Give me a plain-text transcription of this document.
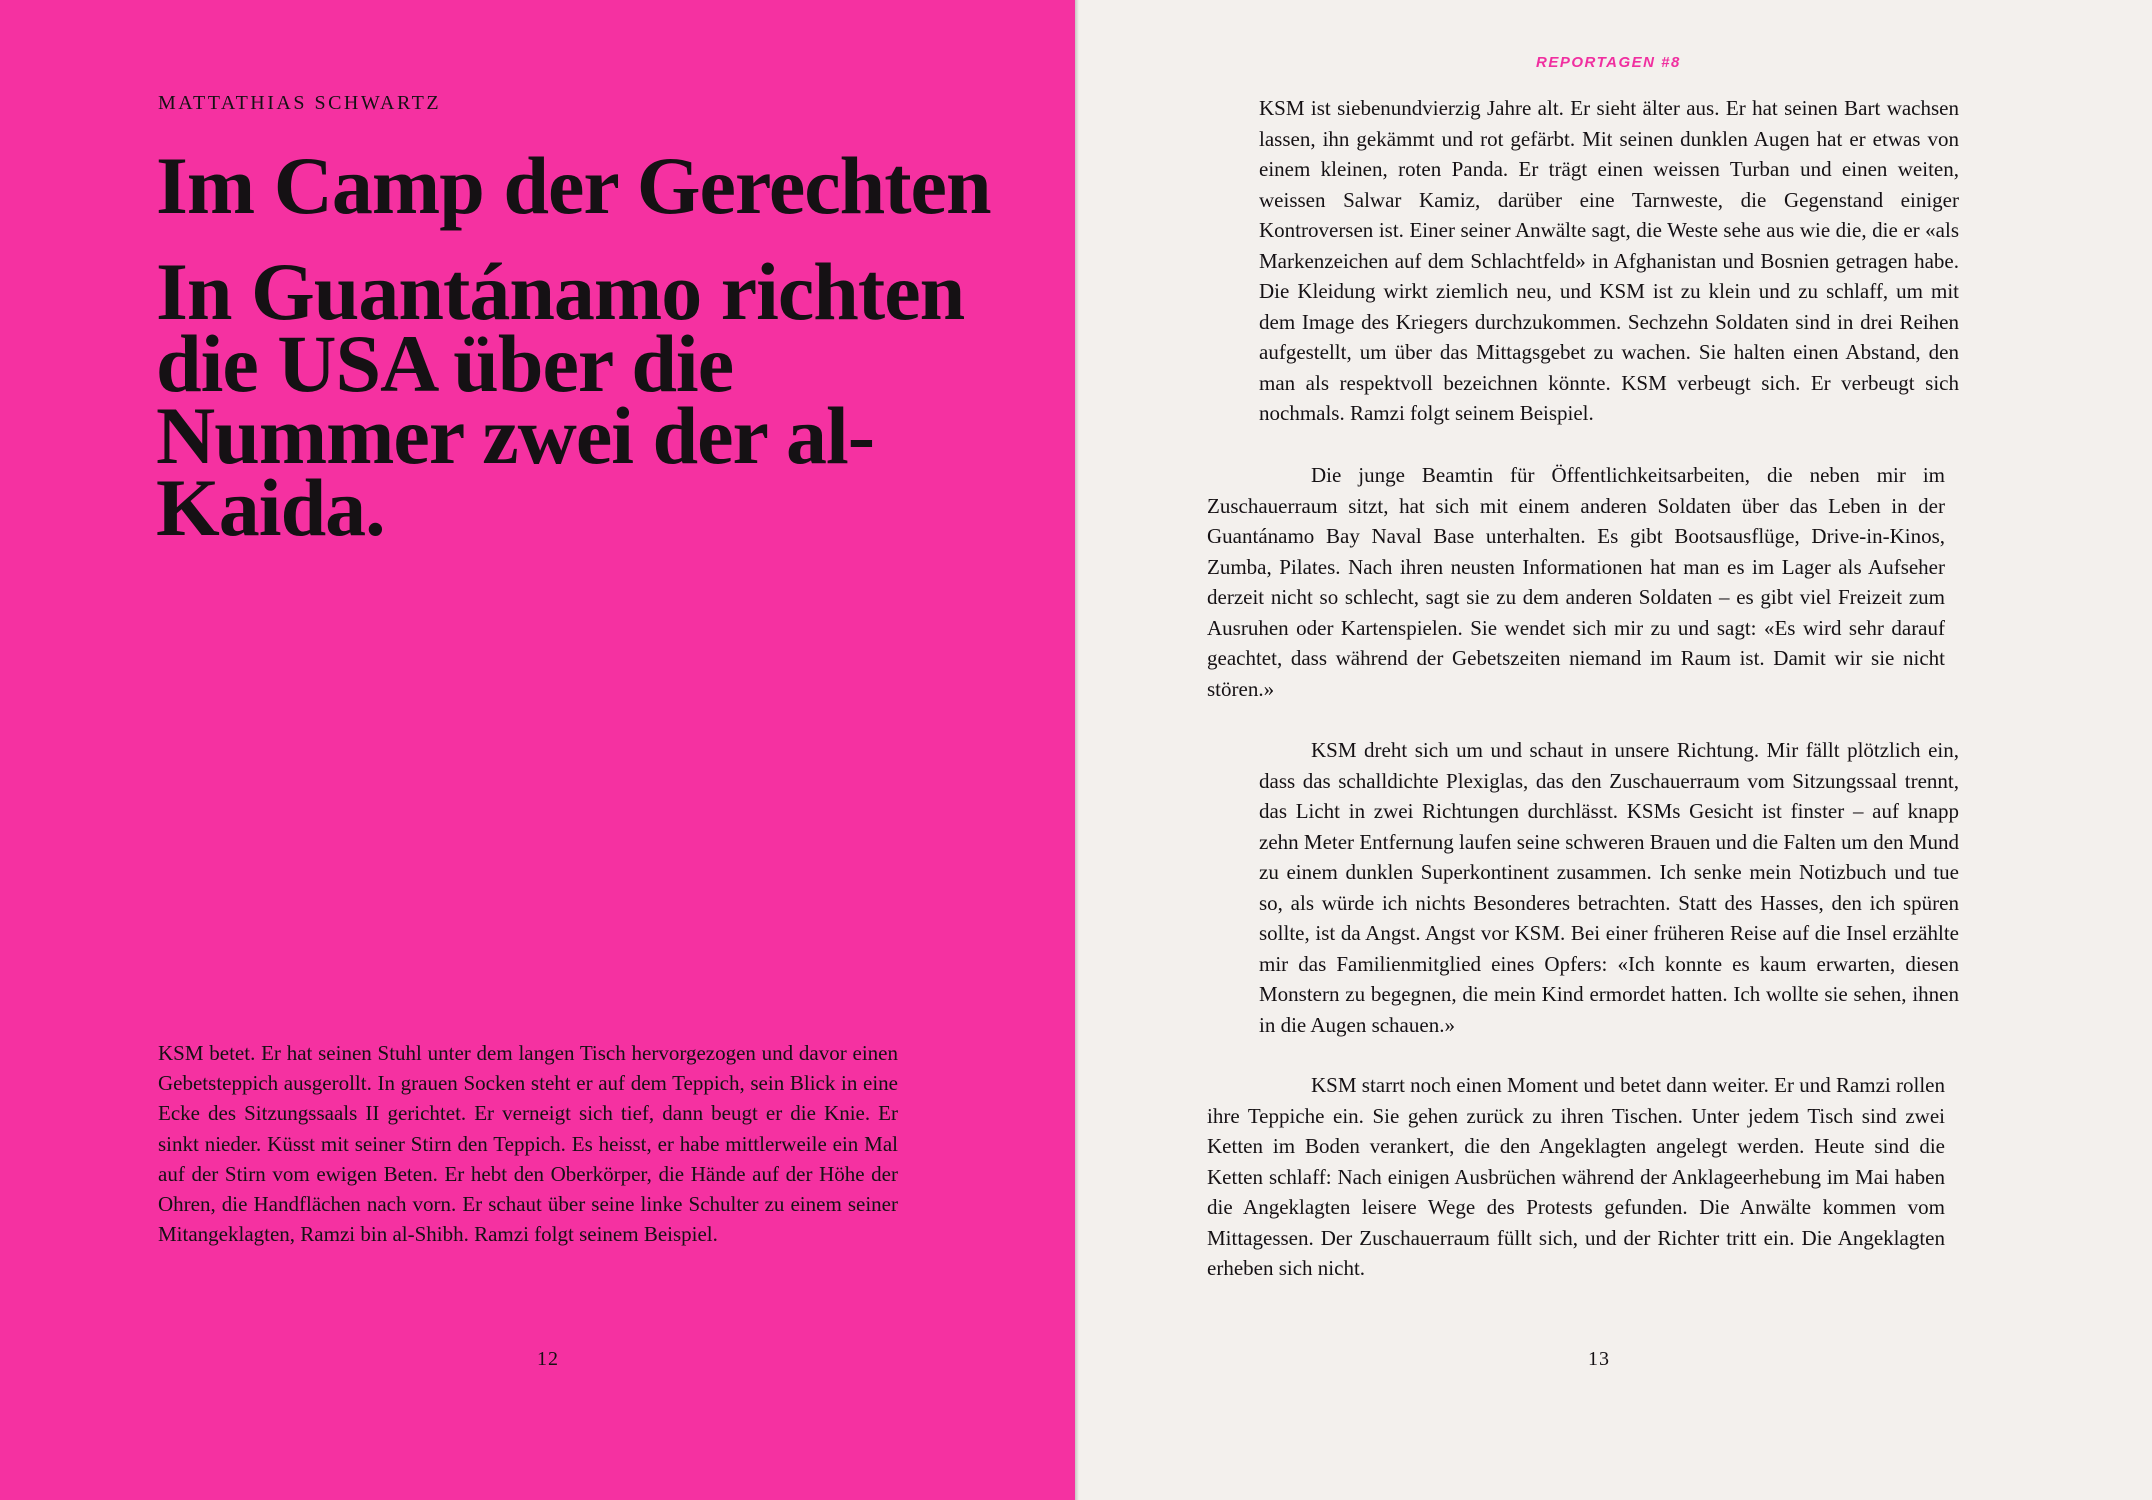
MATTATHIAS SCHWARTZ

Im Camp der Gerechten
In Guantánamo richten die USA über die Nummer zwei der al-Kaida.

KSM betet. Er hat seinen Stuhl unter dem langen Tisch hervorgezogen und davor einen Gebetsteppich ausgerollt. In grauen Socken steht er auf dem Teppich, sein Blick in eine Ecke des Sitzungssaals II gerichtet. Er verneigt sich tief, dann beugt er die Knie. Er sinkt nieder. Küsst mit seiner Stirn den Teppich. Es heisst, er habe mittlerweile ein Mal auf der Stirn vom ewigen Beten. Er hebt den Oberkörper, die Hände auf der Höhe der Ohren, die Handflächen nach vorn. Er schaut über seine linke Schulter zu einem seiner Mitangeklagten, Ramzi bin al-Shibh. Ramzi folgt seinem Beispiel.

12

REPORTAGEN #8

KSM ist siebenundvierzig Jahre alt. Er sieht älter aus. Er hat seinen Bart wachsen lassen, ihn gekämmt und rot gefärbt. Mit seinen dunklen Augen hat er etwas von einem kleinen, roten Panda. Er trägt einen weissen Turban und einen weiten, weissen Salwar Kamiz, darüber eine Tarnweste, die Gegenstand einiger Kontroversen ist. Einer seiner Anwälte sagt, die Weste sehe aus wie die, die er «als Markenzeichen auf dem Schlachtfeld» in Afghanistan und Bosnien getragen habe. Die Kleidung wirkt ziemlich neu, und KSM ist zu klein und zu schlaff, um mit dem Image des Kriegers durchzukommen. Sechzehn Soldaten sind in drei Reihen aufgestellt, um über das Mittagsgebet zu wachen. Sie halten einen Abstand, den man als respektvoll bezeichnen könnte. KSM verbeugt sich. Er verbeugt sich nochmals. Ramzi folgt seinem Beispiel.

Die junge Beamtin für Öffentlichkeitsarbeiten, die neben mir im Zuschauerraum sitzt, hat sich mit einem anderen Soldaten über das Leben in der Guantánamo Bay Naval Base unterhalten. Es gibt Bootsausflüge, Drive-in-Kinos, Zumba, Pilates. Nach ihren neusten Informationen hat man es im Lager als Aufseher derzeit nicht so schlecht, sagt sie zu dem anderen Soldaten – es gibt viel Freizeit zum Ausruhen oder Kartenspielen. Sie wendet sich mir zu und sagt: «Es wird sehr darauf geachtet, dass während der Gebetszeiten niemand im Raum ist. Damit wir sie nicht stören.»

KSM dreht sich um und schaut in unsere Richtung. Mir fällt plötzlich ein, dass das schalldichte Plexiglas, das den Zuschauerraum vom Sitzungssaal trennt, das Licht in zwei Richtungen durchlässt. KSMs Gesicht ist finster – auf knapp zehn Meter Entfernung laufen seine schweren Brauen und die Falten um den Mund zu einem dunklen Superkontinent zusammen. Ich senke mein Notizbuch und tue so, als würde ich nichts Besonderes betrachten. Statt des Hasses, den ich spüren sollte, ist da Angst. Angst vor KSM. Bei einer früheren Reise auf die Insel erzählte mir das Familienmitglied eines Opfers: «Ich konnte es kaum erwarten, diesen Monstern zu begegnen, die mein Kind ermordet hatten. Ich wollte sie sehen, ihnen in die Augen schauen.»

KSM starrt noch einen Moment und betet dann weiter. Er und Ramzi rollen ihre Teppiche ein. Sie gehen zurück zu ihren Tischen. Unter jedem Tisch sind zwei Ketten im Boden verankert, die den Angeklagten angelegt werden. Heute sind die Ketten schlaff: Nach einigen Ausbrüchen während der Anklageerhebung im Mai haben die Angeklagten leisere Wege des Protests gefunden. Die Anwälte kommen vom Mittagessen. Der Zuschauerraum füllt sich, und der Richter tritt ein. Die Angeklagten erheben sich nicht.

13
